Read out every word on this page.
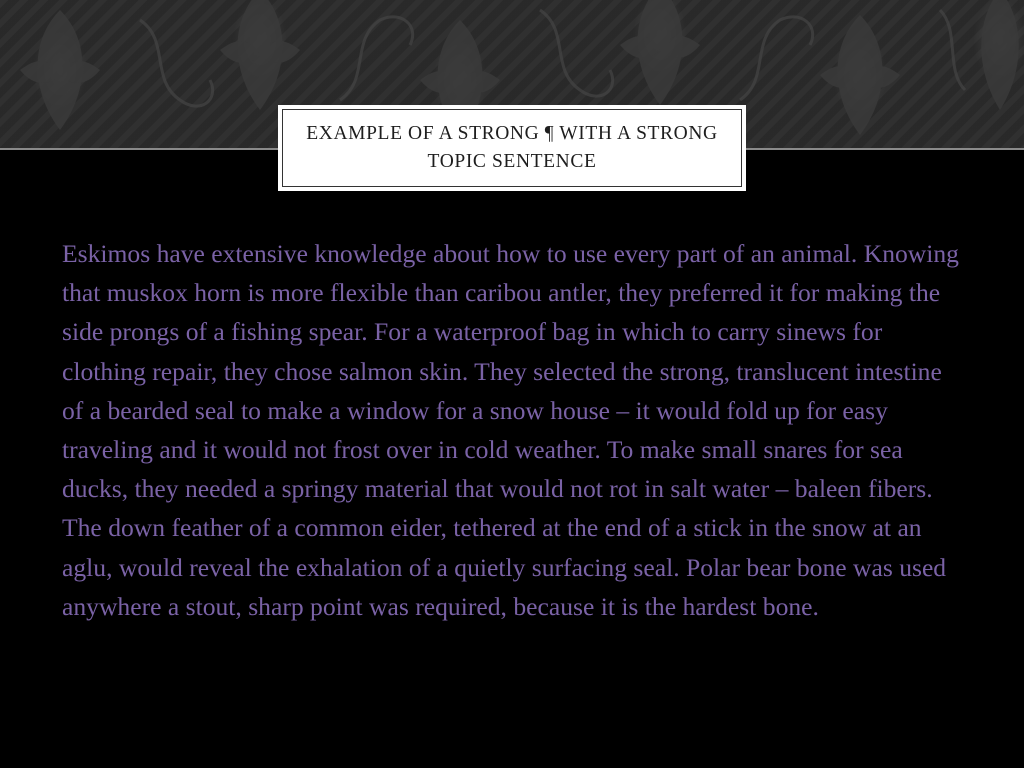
EXAMPLE OF A STRONG ¶ WITH A STRONG TOPIC SENTENCE

Eskimos have extensive knowledge about how to use every part of an animal. Knowing that muskox horn is more flexible than caribou antler, they preferred it for making the side prongs of a fishing spear. For a waterproof bag in which to carry sinews for clothing repair, they chose salmon skin. They selected the strong, translucent intestine of a bearded seal to make a window for a snow house – it would fold up for easy traveling and it would not frost over in cold weather. To make small snares for sea ducks, they needed a springy material that would not rot in salt water – baleen fibers. The down feather of a common eider, tethered at the end of a stick in the snow at an aglu, would reveal the exhalation of a quietly surfacing seal. Polar bear bone was used anywhere a stout, sharp point was required, because it is the hardest bone.
